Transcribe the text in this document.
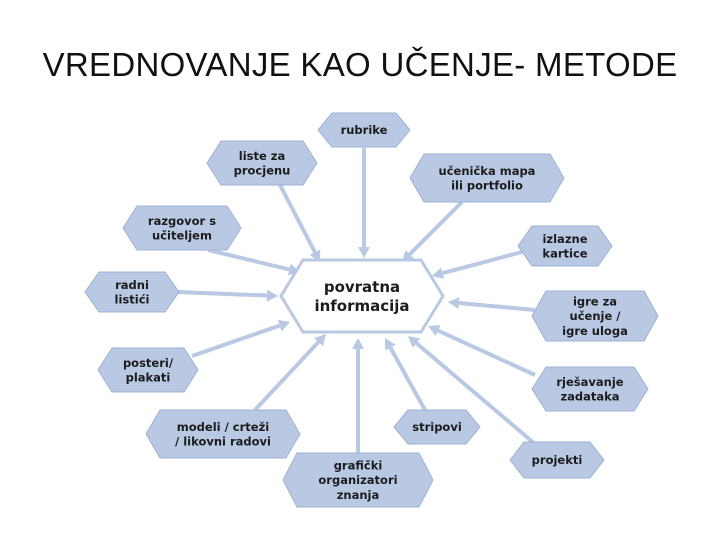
VREDNOVANJE KAO UČENJE- METODE
rubrike
liste za
procjenu	učenička mapa
ili portfolio
razgovor s
učiteljem	izlazne
kartice
radni
listići	igre za
učenje /
igre uloga
posteri/
plakati	rješavanje
zadataka
modeli / crteži
/ likovni radovi
stripovi
projekti
grafički
organizatori
znanja
povratna
informacija
